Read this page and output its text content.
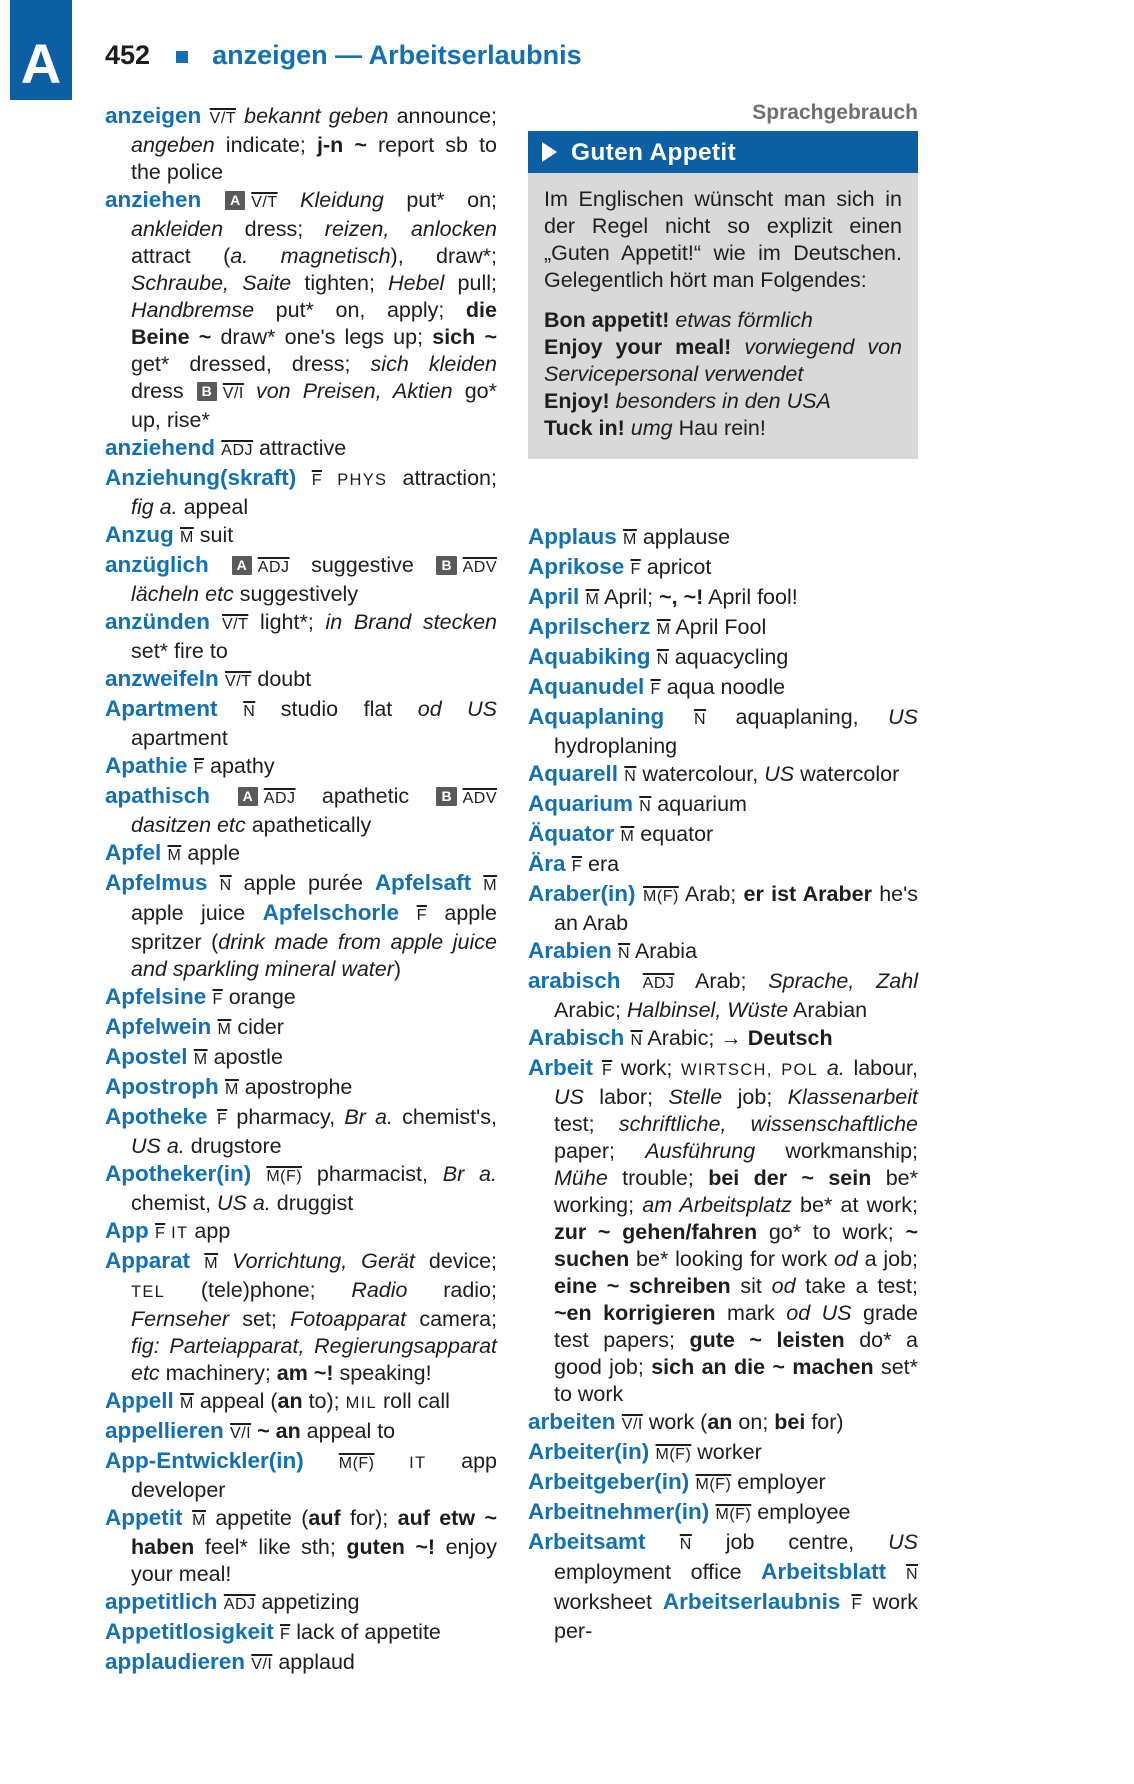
A	452 anzeigen — Arbeitserlaubnis

anzeigen V/T bekannt geben announce; angeben indicate; j-n ~ report sb to the police

anziehen A V/T Kleidung put* on; ankleiden dress; reizen, anlocken attract (a. magnetisch), draw*; Schraube, Saite tighten; Hebel pull; Handbremse put* on, apply; die Beine ~ draw* one's legs up; sich ~ get* dressed, dress; sich kleiden dress B V/I von Preisen, Aktien go* up, rise*

anziehend $\overline{ADJ}$ attractive

Anziehung(skraft) $\overline{F}$ PHYS attraction; fig a. appeal

Anzug $\overline{M}$ suit

anzüglich A $\overline{ADJ}$ suggestive B $\overline{ADV}$ lächeln etc suggestively

anzünden V/T light*; in Brand stecken set* fire to

anzweifeln V/T doubt

Apartment $\overline{N}$ studio flat od US apartment

Apathie $\overline{F}$ apathy

apathisch A $\overline{ADJ}$ apathetic B $\overline{ADV}$ dasitzen etc apathetically

Apfel $\overline{M}$ apple

Apfelmus $\overline{N}$ apple purée Apfelsaft $\overline{M}$ apple juice Apfelschorle $\overline{F}$ apple spritzer (drink made from apple juice and sparkling mineral water)

Apfelsine $\overline{F}$ orange

Apfelwein $\overline{M}$ cider

Apostel $\overline{M}$ apostle

Apostroph $\overline{M}$ apostrophe

Apotheke $\overline{F}$ pharmacy, Br a. chemist's, US a. drugstore

Apotheker(in) M(F) pharmacist, Br a. chemist, US a. druggist

App $\overline{F}$ IT app

Apparat $\overline{M}$ Vorrichtung, Gerät device; TEL (tele)phone; Radio radio; Fernseher set; Fotoapparat camera; fig: Parteiapparat, Regierungsapparat etc machinery; am ~! speaking!

Appell $\overline{M}$ appeal (an to); MIL roll call

appellieren V/I ~ an appeal to

App-Entwickler(in) M(F) IT app developer

Appetit $\overline{M}$ appetite (auf for); auf etw ~ haben feel* like sth; guten ~! enjoy your meal!

appetitlich $\overline{ADJ}$ appetizing

Appetitlosigkeit $\overline{F}$ lack of appetite

applaudieren V/I applaud

Sprachgebrauch
Guten Appetit

Im Englischen wünscht man sich in der Regel nicht so explizit einen „Guten Appetit!“ wie im Deutschen. Gelegentlich hört man Folgendes:

Bon appetit! etwas förmlich

Enjoy your meal! vorwiegend von Servicepersonal verwendet

Enjoy! besonders in den USA

Tuck in! umg Hau rein!

Applaus $\overline{M}$ applause

Aprikose $\overline{F}$ apricot

April $\overline{M}$ April; ~, ~! April fool!

Aprilscherz $\overline{M}$ April Fool

Aquabiking $\overline{N}$ aquacycling

Aquanudel $\overline{F}$ aqua noodle

Aquaplaning $\overline{N}$ aquaplaning, US hydroplaning

Aquarell $\overline{N}$ watercolour, US watercolor

Aquarium $\overline{N}$ aquarium

Äquator $\overline{M}$ equator

Ära $\overline{F}$ era

Araber(in) M(F) Arab; er ist Araber he's an Arab

Arabien $\overline{N}$ Arabia

arabisch $\overline{ADJ}$ Arab; Sprache, Zahl Arabic; Halbinsel, Wüste Arabian

Arabisch $\overline{N}$ Arabic; → Deutsch

Arbeit $\overline{F}$ work; WIRTSCH, POL a. labour, US labor; Stelle job; Klassenarbeit test; schriftliche, wissenschaftliche paper; Ausführung workmanship; Mühe trouble; bei der ~ sein be* working; am Arbeitsplatz be* at work; zur ~ gehen/fahren go* to work; ~ suchen be* looking for work od a job; eine ~ schreiben sit od take a test; ~en korrigieren mark od US grade test papers; gute ~ leisten do* a good job; sich an die ~ machen set* to work

arbeiten V/I work (an on; bei for)

Arbeiter(in) M(F) worker

Arbeitgeber(in) M(F) employer

Arbeitnehmer(in) M(F) employee

Arbeitsamt $\overline{N}$ job centre, US employment office Arbeitsblatt $\overline{N}$ worksheet Arbeitserlaubnis $\overline{F}$ work per-
